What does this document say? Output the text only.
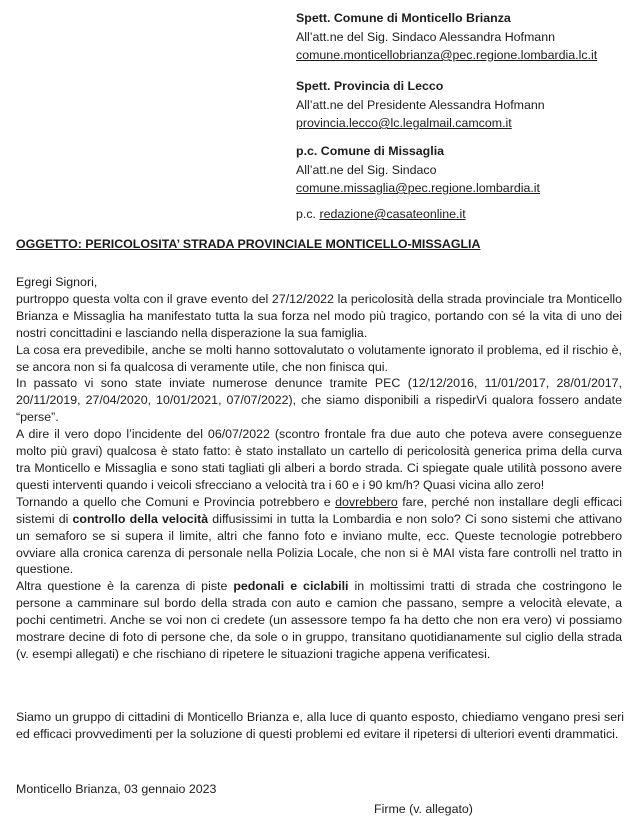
Spett. Comune di Monticello Brianza
All’att.ne del Sig. Sindaco Alessandra Hofmann
comune.monticellobrianza@pec.regione.lombardia.lc.it
Spett. Provincia di Lecco
All’att.ne del Presidente Alessandra Hofmann
provincia.lecco@lc.legalmail.camcom.it
p.c. Comune di Missaglia
All’att.ne del Sig. Sindaco
comune.missaglia@pec.regione.lombardia.it
p.c. redazione@casateonline.it
OGGETTO: PERICOLOSITA’ STRADA PROVINCIALE MONTICELLO-MISSAGLIA

Egregi Signori,

purtroppo questa volta con il grave evento del 27/12/2022 la pericolosità della strada provinciale tra Monticello Brianza e Missaglia ha manifestato tutta la sua forza nel modo più tragico, portando con sé la vita di uno dei nostri concittadini e lasciando nella disperazione la sua famiglia.

La cosa era prevedibile, anche se molti hanno sottovalutato o volutamente ignorato il problema, ed il rischio è, se ancora non si fa qualcosa di veramente utile, che non finisca qui.

In passato vi sono state inviate numerose denunce tramite PEC (12/12/2016, 11/01/2017, 28/01/2017, 20/11/2019, 27/04/2020, 10/01/2021, 07/07/2022), che siamo disponibili a rispedirVi qualora fossero andate “perse”.

A dire il vero dopo l’incidente del 06/07/2022 (scontro frontale fra due auto che poteva avere conseguenze molto più gravi) qualcosa è stato fatto: è stato installato un cartello di pericolosità generica prima della curva tra Monticello e Missaglia e sono stati tagliati gli alberi a bordo strada. Ci spiegate quale utilità possono avere questi interventi quando i veicoli sfrecciano a velocità tra i 60 e i 90 km/h? Quasi vicina allo zero!

Tornando a quello che Comuni e Provincia potrebbero e dovrebbero fare, perché non installare degli efficaci sistemi di controllo della velocità diffusissimi in tutta la Lombardia e non solo? Ci sono sistemi che attivano un semaforo se si supera il limite, altri che fanno foto e inviano multe, ecc. Queste tecnologie potrebbero ovviare alla cronica carenza di personale nella Polizia Locale, che non si è MAI vista fare controlli nel tratto in questione.

Altra questione è la carenza di piste pedonali e ciclabili in moltissimi tratti di strada che costringono le persone a camminare sul bordo della strada con auto e camion che passano, sempre a velocità elevate, a pochi centimetri. Anche se voi non ci credete (un assessore tempo fa ha detto che non era vero) vi possiamo mostrare decine di foto di persone che, da sole o in gruppo, transitano quotidianamente sul ciglio della strada (v. esempi allegati) e che rischiano di ripetere le situazioni tragiche appena verificatesi.

Siamo un gruppo di cittadini di Monticello Brianza e, alla luce di quanto esposto, chiediamo vengano presi seri ed efficaci provvedimenti per la soluzione di questi problemi ed evitare il ripetersi di ulteriori eventi drammatici.

Monticello Brianza, 03 gennaio 2023
Firme (v. allegato)
